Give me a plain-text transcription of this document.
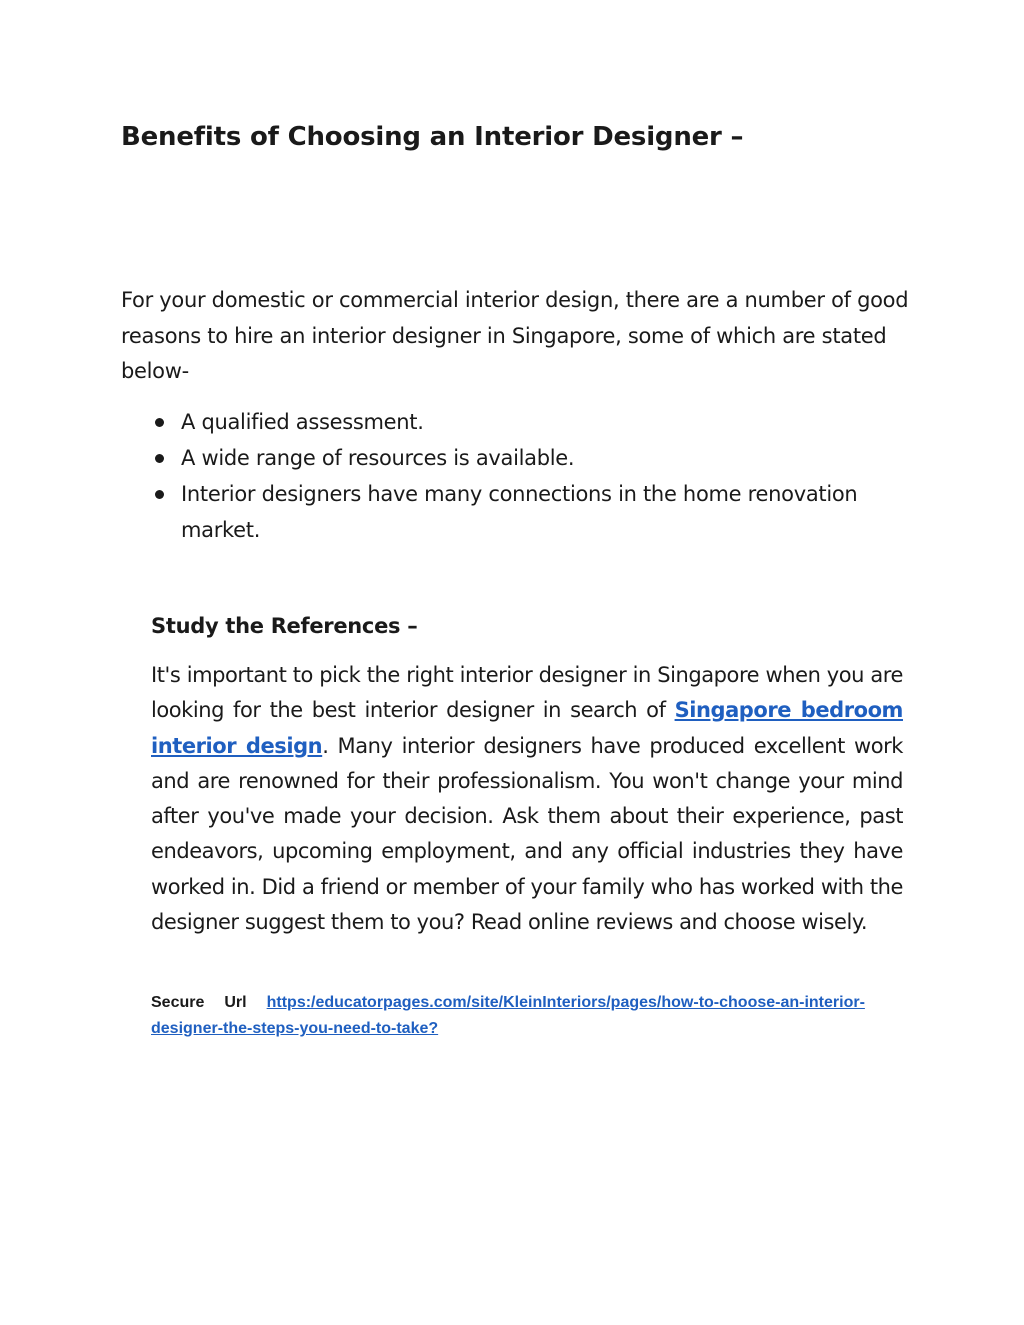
Benefits of Choosing an Interior Designer –

For your domestic or commercial interior design, there are a number of good reasons to hire an interior designer in Singapore, some of which are stated below-

A qualified assessment.
A wide range of resources is available.
Interior designers have many connections in the home renovation market.
Study the References –

It's important to pick the right interior designer in Singapore when you are looking for the best interior designer in search of Singapore bedroom interior design. Many interior designers have produced excellent work and are renowned for their professionalism. You won't change your mind after you've made your decision. Ask them about their experience, past endeavors, upcoming employment, and any official industries they have worked in. Did a friend or member of your family who has worked with the designer suggest them to you? Read online reviews and choose wisely.

Secure Url https:/educatorpages.com/site/KleinInteriors/pages/how-to-choose-an-interior-designer-the-steps-you-need-to-take?
